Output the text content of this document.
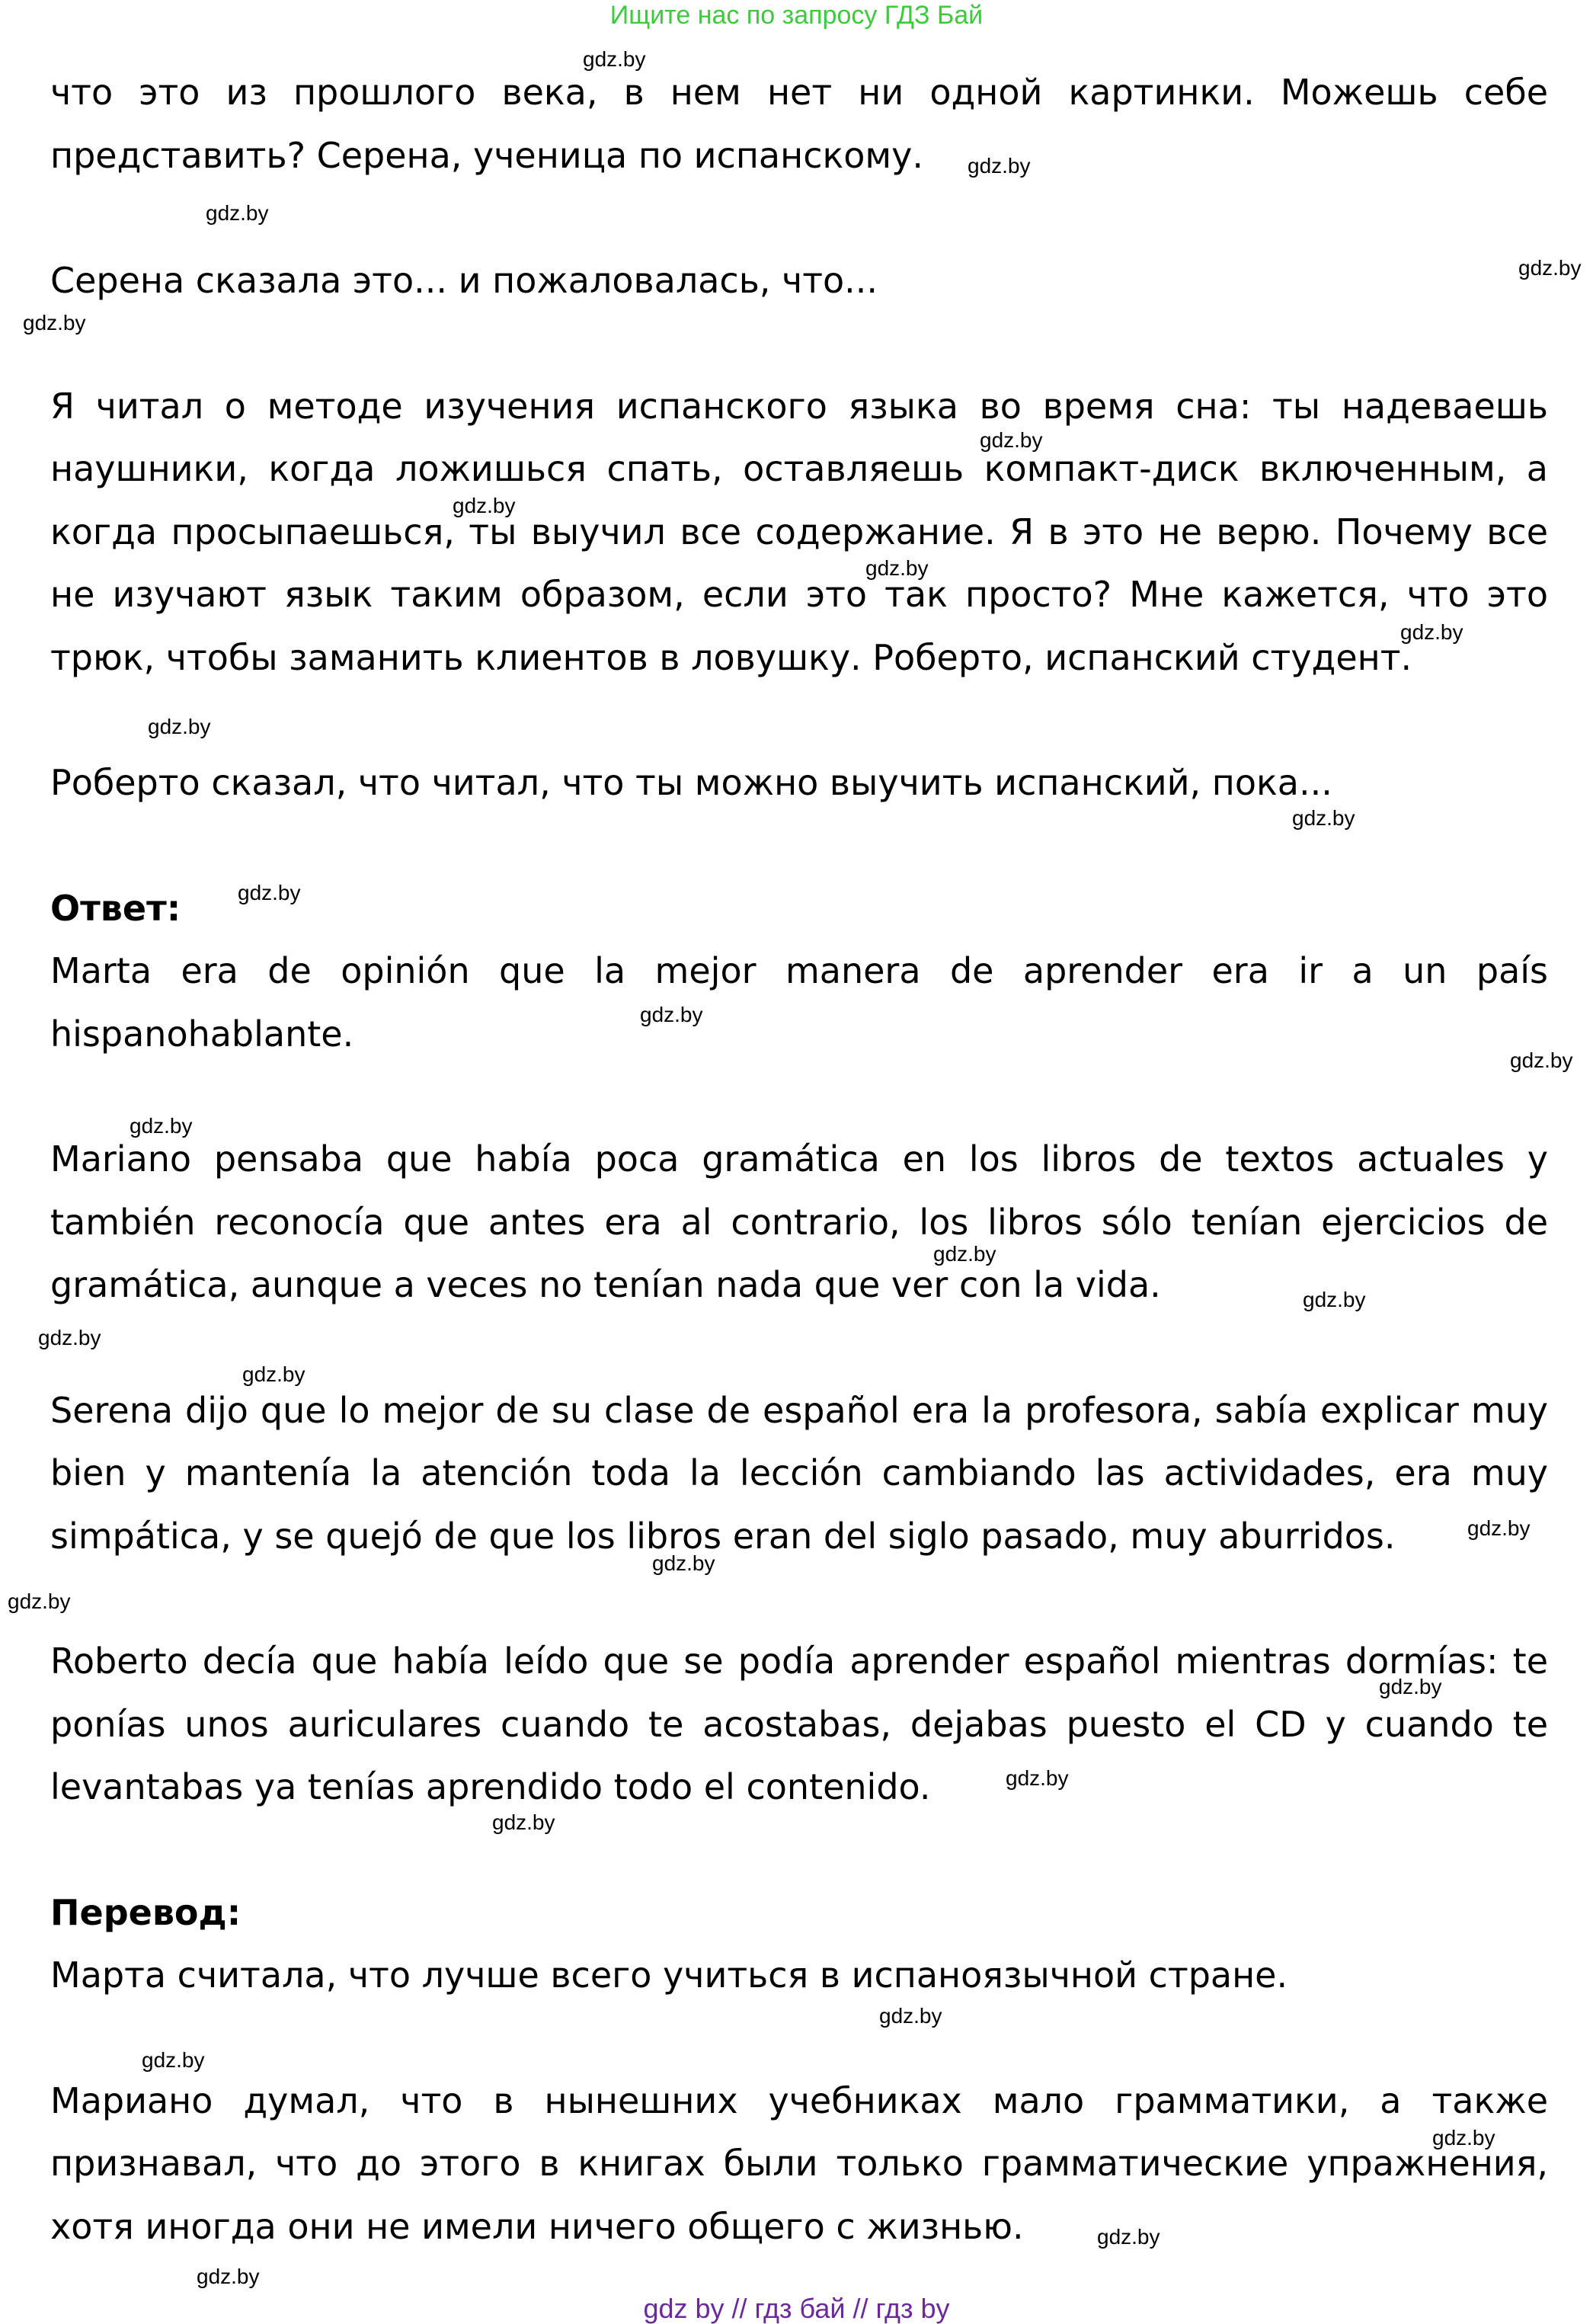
Ищите нас по запросу ГДЗ Бай

что это из прошлого века, в нем нет ни одной картинки. Можешь себе представить? Серена, ученица по испанскому.

Серена сказала это... и пожаловалась, что...

Я читал о методе изучения испанского языка во время сна: ты надеваешь наушники, когда ложишься спать, оставляешь компакт-диск включенным, а когда просыпаешься, ты выучил все содержание. Я в это не верю. Почему все не изучают язык таким образом, если это так просто? Мне кажется, что это трюк, чтобы заманить клиентов в ловушку. Роберто, испанский студент.

Роберто сказал, что читал, что ты можно выучить испанский, пока...

Ответ:

Marta era de opinión que la mejor manera de aprender era ir a un país hispanohablante.

Mariano pensaba que había poca gramática en los libros de textos actuales y también reconocía que antes era al contrario, los libros sólo tenían ejercicios de gramática, aunque a veces no tenían nada que ver con la vida.

Serena dijo que lo mejor de su clase de español era la profesora, sabía explicar muy bien y mantenía la atención toda la lección cambiando las actividades, era muy simpática, y se quejó de que los libros eran del siglo pasado, muy aburridos.

Roberto decía que había leído que se podía aprender español mientras dormías: te ponías unos auriculares cuando te acostabas, dejabas puesto el CD y cuando te levantabas ya tenías aprendido todo el contenido.

Перевод:

Марта считала, что лучше всего учиться в испаноязычной стране.

Мариано думал, что в нынешних учебниках мало грамматики, а также признавал, что до этого в книгах были только грамматические упражнения, хотя иногда они не имели ничего общего с жизнью.

gdz.by
gdz.by
gdz.by
gdz.by
gdz.by
gdz.by
gdz.by
gdz.by
gdz.by
gdz.by
gdz.by
gdz.by
gdz.by
gdz.by
gdz.by
gdz.by
gdz.by
gdz.by
gdz.by
gdz.by
gdz.by
gdz.by
gdz.by
gdz.by
gdz.by
gdz.by
gdz.by
gdz.by
gdz.by
gdz.by
gdz by // гдз бай // гдз by
